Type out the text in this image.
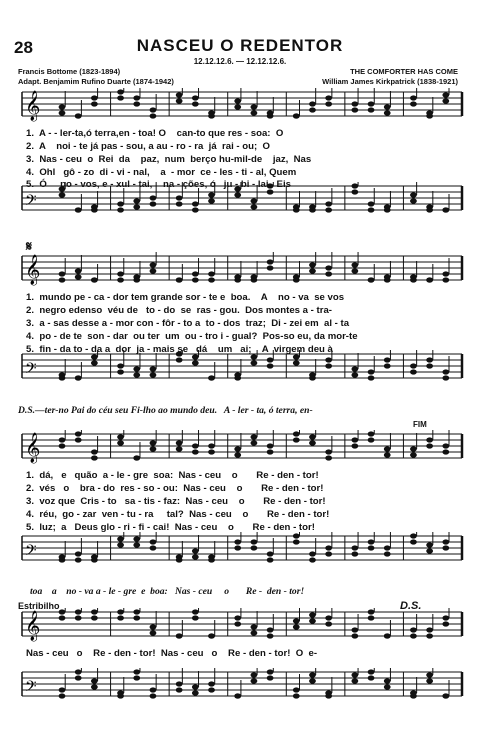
28	NASCEU O REDENTOR
12.12.12.6. — 12.12.12.6.
Francis Bottome (1823-1894)	THE COMFORTER HAS COME
Adapt. Benjamim Rufino Duarte (1874-1942)	William James Kirkpatrick (1838-1921)
𝄞
𝄢
𝄞
𝄢
𝄞
𝄢
𝄞
𝄢
1.  A - - ler-ta,ó terra,en - toa! O    can-to que res - soa:  O
2.  A    noi - te já pas - sou, a au - ro - ra  já  rai - ou;  O
3.  Nas - ceu  o  Rei  da    paz,  num  berço hu-mil-de    jaz,  Nas
4.  Ohl   gô - zo  di - vi - nal,    a  - mor  ce - les - ti - al, Quem
5.  Ó     po - vos, e - xul - tai,    na - ções, ó   ju - bi - lai,  Eis
𝄋
1.  mundo pe - ca - dor tem grande sor - te e  boa.    A    no - va  se vos
2.  negro edenso  véu de   to - do  se  ras - gou.  Dos montes a - tra-
3.  a - sas desse a - mor con - fôr - to a  to - dos  traz;  Di - zei em  al - ta
4.  po - de te  son - dar  ou ter  um  ou - tro i - gual?  Pos-so eu, da mor-te
5.  fin - da to - da a  dor  ja - mais se   dá    um   ai;    A  virgem deu à
D.S.—ter-no Pai do céu seu Fi-lho ao mundo deu.   A - ler - ta, ó terra, en-
FIM
1.  dá,   e   quão  a - le - gre  soa:  Nas - ceu    o       Re - den - tor!
2.  vés   o    bra - do  res - so - ou:  Nas - ceu    o       Re - den - tor!
3.  voz que  Cris - to   sa - tis - faz:  Nas - ceu    o       Re - den - tor!
4.  réu,  go - zar  ven - tu - ra     tal?  Nas - ceu    o       Re - den - tor!
5.  luz;  a   Deus glo - ri - fi - cai!  Nas - ceu    o       Re - den - tor!
toa    a    no - va a - le - gre  e  boa:   Nas - ceu     o       Re -  den - tor!
Estribilho	D.S.
Nas - ceu   o    Re - den - tor!  Nas - ceu   o    Re - den - tor!  O  e-
